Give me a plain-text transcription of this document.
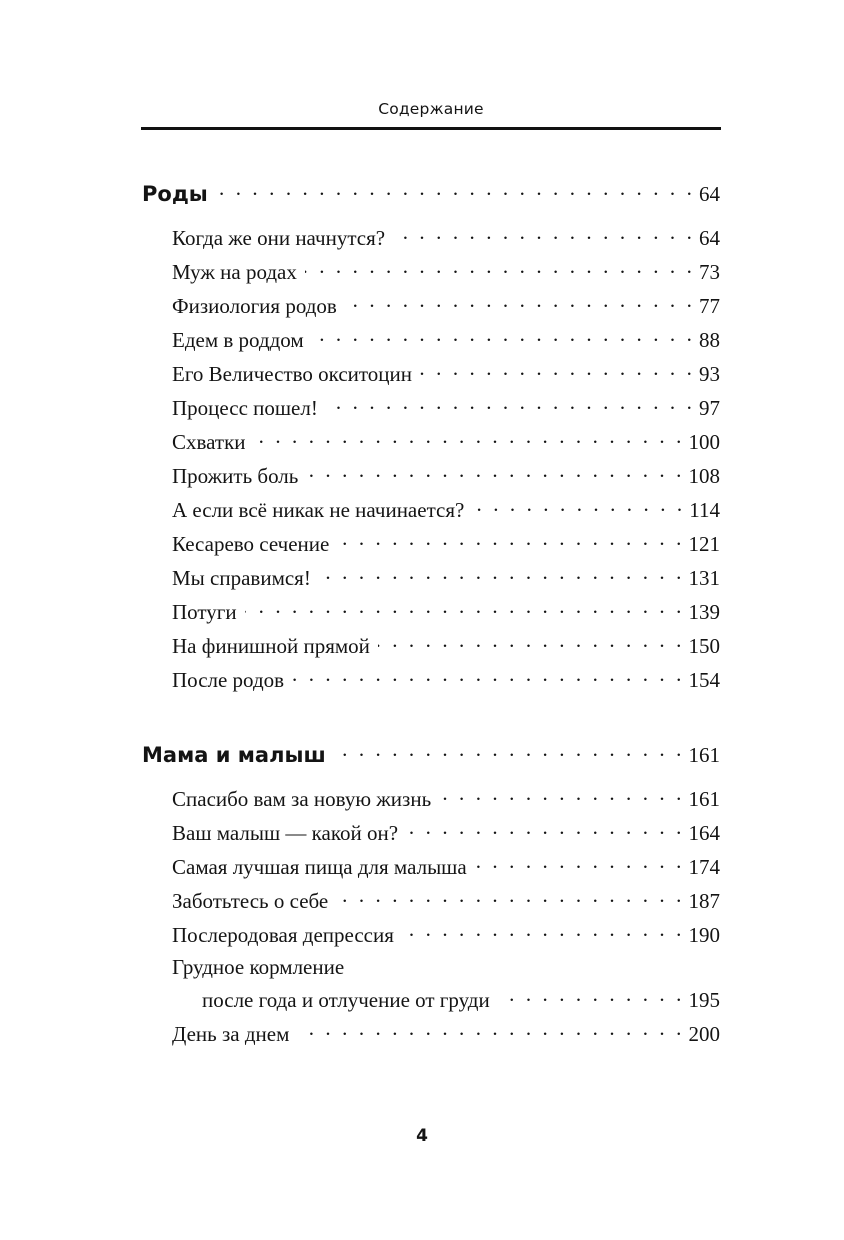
Содержание
Роды . . .	64
Когда же они начнутся? . . .	64
Муж на родах . . .	73
Физиология родов . . .	77
Едем в роддом . . .	88
Его Величество окситоцин . . .	93
Процесс пошел! . . .	97
Схватки . . .	100
Прожить боль . . .	108
А если всё никак не начинается? . . .	114
Кесарево сечение . . .	121
Мы справимся! . . .	131
Потуги . . .	139
На финишной прямой . . .	150
После родов . . .	154
Мама и малыш . . .	161
Спасибо вам за новую жизнь . . .	161
Ваш малыш — какой он? . . .	164
Самая лучшая пища для малыша . . .	174
Заботьтесь о себе . . .	187
Послеродовая депрессия . . .	190
Грудное кормление
после года и отлучение от груди . . .	195
День за днем . . .	200
4
